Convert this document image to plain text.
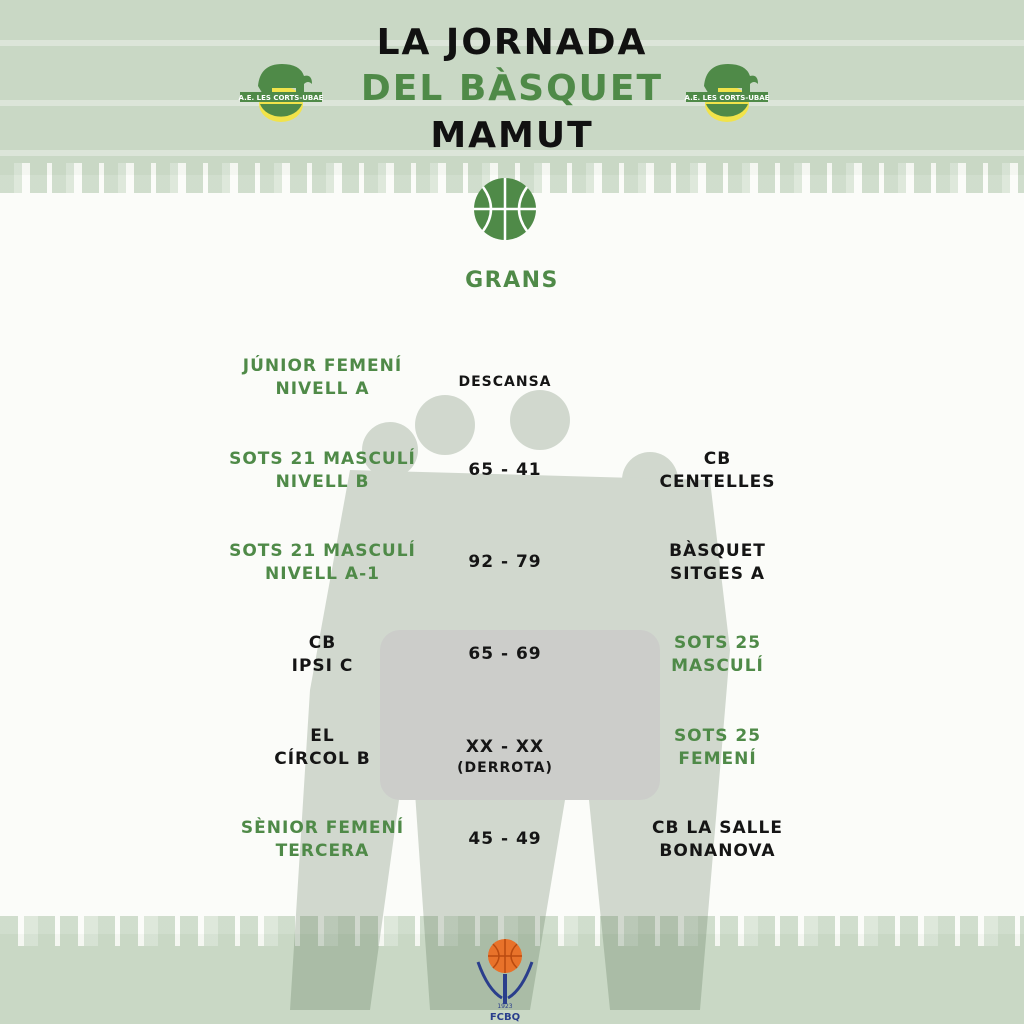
A.E. LES CORTS-UBAE	A.E. LES CORTS-UBAE
LA JORNADA
DEL BÀSQUET
MAMUT
GRANS
JÚNIOR FEMENÍ
NIVELL A	DESCANSA
SOTS 21 MASCULÍ
NIVELL B
65 - 41
CB
CENTELLES
SOTS 21 MASCULÍ
NIVELL A-1
92 - 79
BÀSQUET
SITGES A
CB
IPSI C
65 - 69
SOTS 25
MASCULÍ
EL
CÍRCOL B
XX - XX
(DERROTA)
SOTS 25
FEMENÍ
SÈNIOR FEMENÍ
TERCERA
45 - 49
CB LA SALLE
BONANOVA
1923
FCBQ
